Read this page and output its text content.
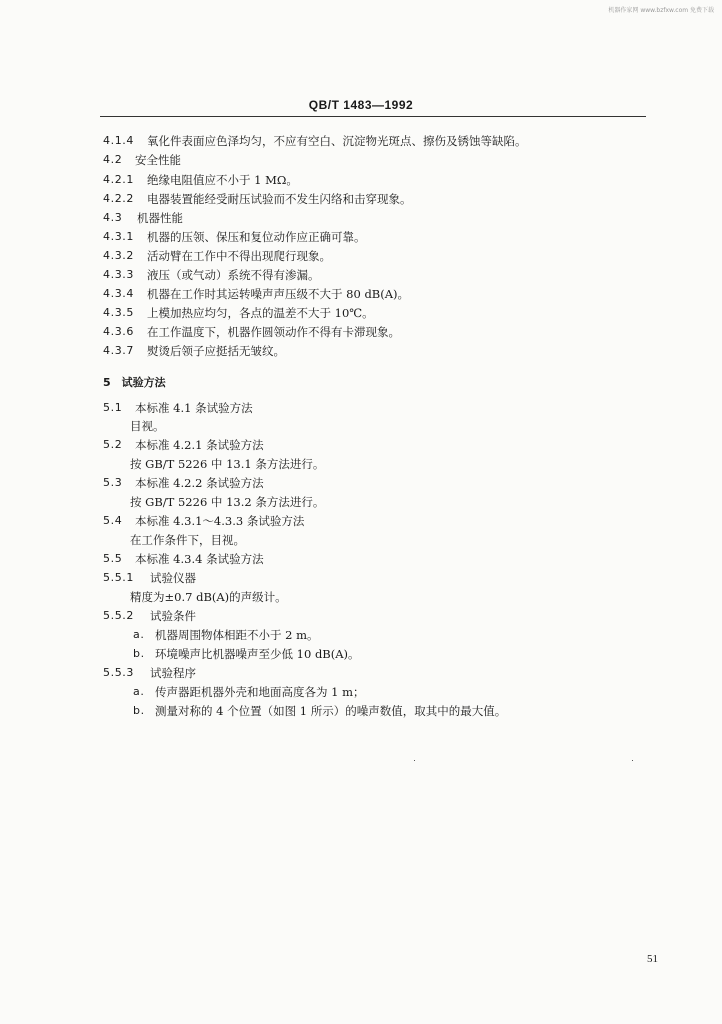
机器作家网 www.bzfxw.com 免费下载
QB/T 1483—1992
4.1.4 氧化件表面应色泽均匀，不应有空白、沉淀物光斑点、擦伤及锈蚀等缺陷。
4.2 安全性能
4.2.1 绝缘电阻值应不小于 1 MΩ。
4.2.2 电器装置能经受耐压试验而不发生闪络和击穿现象。
4.3 机器性能
4.3.1 机器的压领、保压和复位动作应正确可靠。
4.3.2 活动臂在工作中不得出现爬行现象。
4.3.3 液压（或气动）系统不得有渗漏。
4.3.4 机器在工作时其运转噪声声压级不大于 80 dB(A)。
4.3.5 上模加热应均匀，各点的温差不大于 10℃。
4.3.6 在工作温度下，机器作圆领动作不得有卡滞现象。
4.3.7 熨烫后领子应挺括无皱纹。
5　试验方法
5.1 本标准 4.1 条试验方法
目视。
5.2 本标准 4.2.1 条试验方法
按 GB/T 5226 中 13.1 条方法进行。
5.3 本标准 4.2.2 条试验方法
按 GB/T 5226 中 13.2 条方法进行。
5.4 本标准 4.3.1～4.3.3 条试验方法
在工作条件下，目视。
5.5 本标准 4.3.4 条试验方法
5.5.1 试验仪器
精度为±0.7 dB(A)的声级计。
5.5.2 试验条件
a. 机器周围物体相距不小于 2 m。
b. 环境噪声比机器噪声至少低 10 dB(A)。
5.5.3 试验程序
a. 传声器距机器外壳和地面高度各为 1 m；
b. 测量对称的 4 个位置（如图 1 所示）的噪声数值，取其中的最大值。
51
